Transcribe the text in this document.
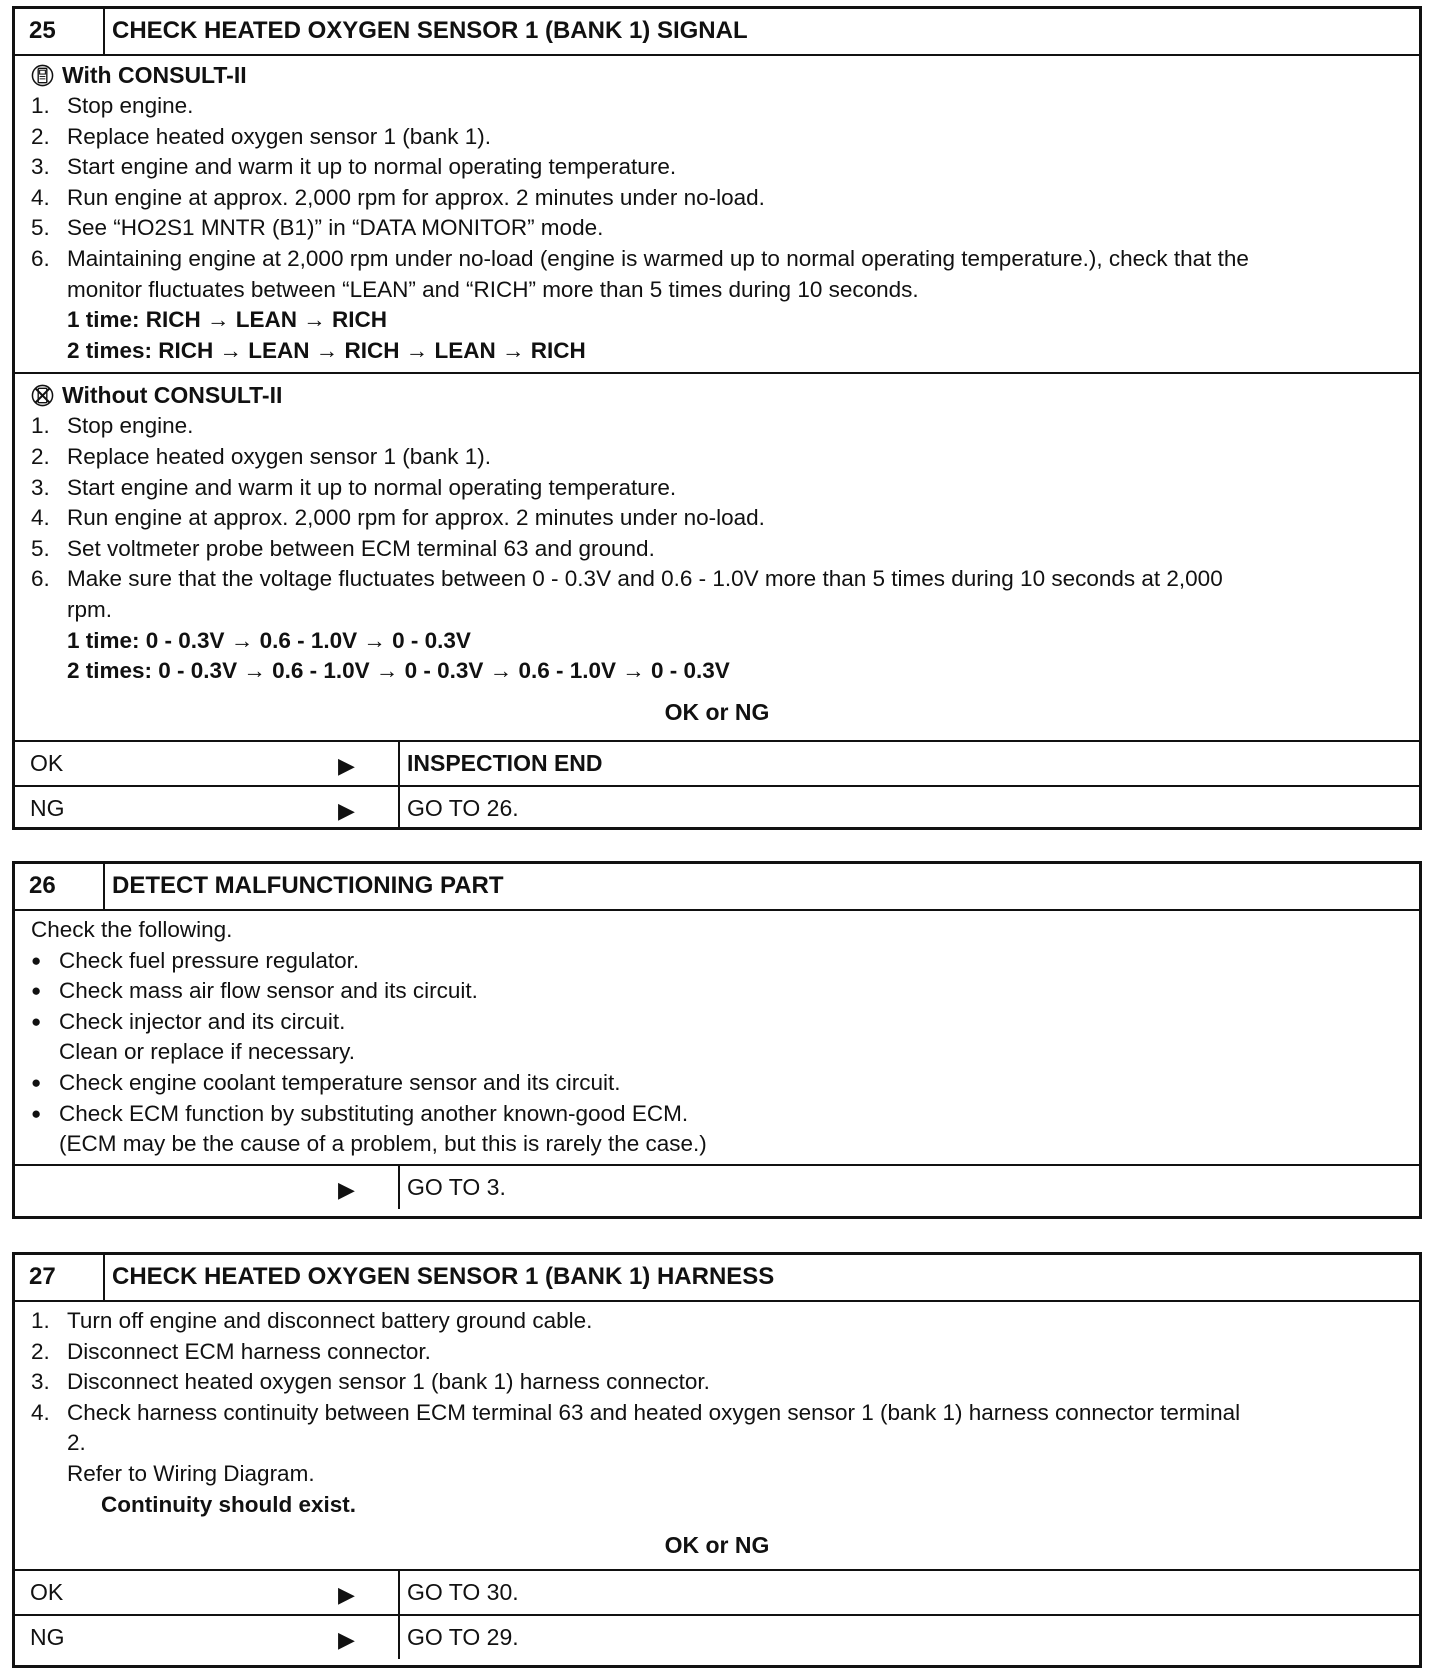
25	CHECK HEATED OXYGEN SENSOR 1 (BANK 1) SIGNAL
With CONSULT-II
1. Stop engine.
2. Replace heated oxygen sensor 1 (bank 1).
3. Start engine and warm it up to normal operating temperature.
4. Run engine at approx. 2,000 rpm for approx. 2 minutes under no-load.
5. See “HO2S1 MNTR (B1)” in “DATA MONITOR” mode.
6. Maintaining engine at 2,000 rpm under no-load (engine is warmed up to normal operating temperature.), check that the
monitor fluctuates between “LEAN” and “RICH” more than 5 times during 10 seconds.
1 time: RICH → LEAN → RICH
2 times: RICH → LEAN → RICH → LEAN → RICH
Without CONSULT-II
1. Stop engine.
2. Replace heated oxygen sensor 1 (bank 1).
3. Start engine and warm it up to normal operating temperature.
4. Run engine at approx. 2,000 rpm for approx. 2 minutes under no-load.
5. Set voltmeter probe between ECM terminal 63 and ground.
6. Make sure that the voltage fluctuates between 0 - 0.3V and 0.6 - 1.0V more than 5 times during 10 seconds at 2,000
rpm.
1 time: 0 - 0.3V → 0.6 - 1.0V → 0 - 0.3V
2 times: 0 - 0.3V → 0.6 - 1.0V → 0 - 0.3V → 0.6 - 1.0V → 0 - 0.3V
OK or NG
OK	▶	INSPECTION END
NG	▶	GO TO 26.
26	DETECT MALFUNCTIONING PART
Check the following.
● Check fuel pressure regulator.
● Check mass air flow sensor and its circuit.
● Check injector and its circuit.
Clean or replace if necessary.
● Check engine coolant temperature sensor and its circuit.
● Check ECM function by substituting another known-good ECM.
(ECM may be the cause of a problem, but this is rarely the case.)
▶	GO TO 3.
27	CHECK HEATED OXYGEN SENSOR 1 (BANK 1) HARNESS
1. Turn off engine and disconnect battery ground cable.
2. Disconnect ECM harness connector.
3. Disconnect heated oxygen sensor 1 (bank 1) harness connector.
4. Check harness continuity between ECM terminal 63 and heated oxygen sensor 1 (bank 1) harness connector terminal
2.
Refer to Wiring Diagram.
Continuity should exist.
OK or NG
OK	▶	GO TO 30.
NG	▶	GO TO 29.
